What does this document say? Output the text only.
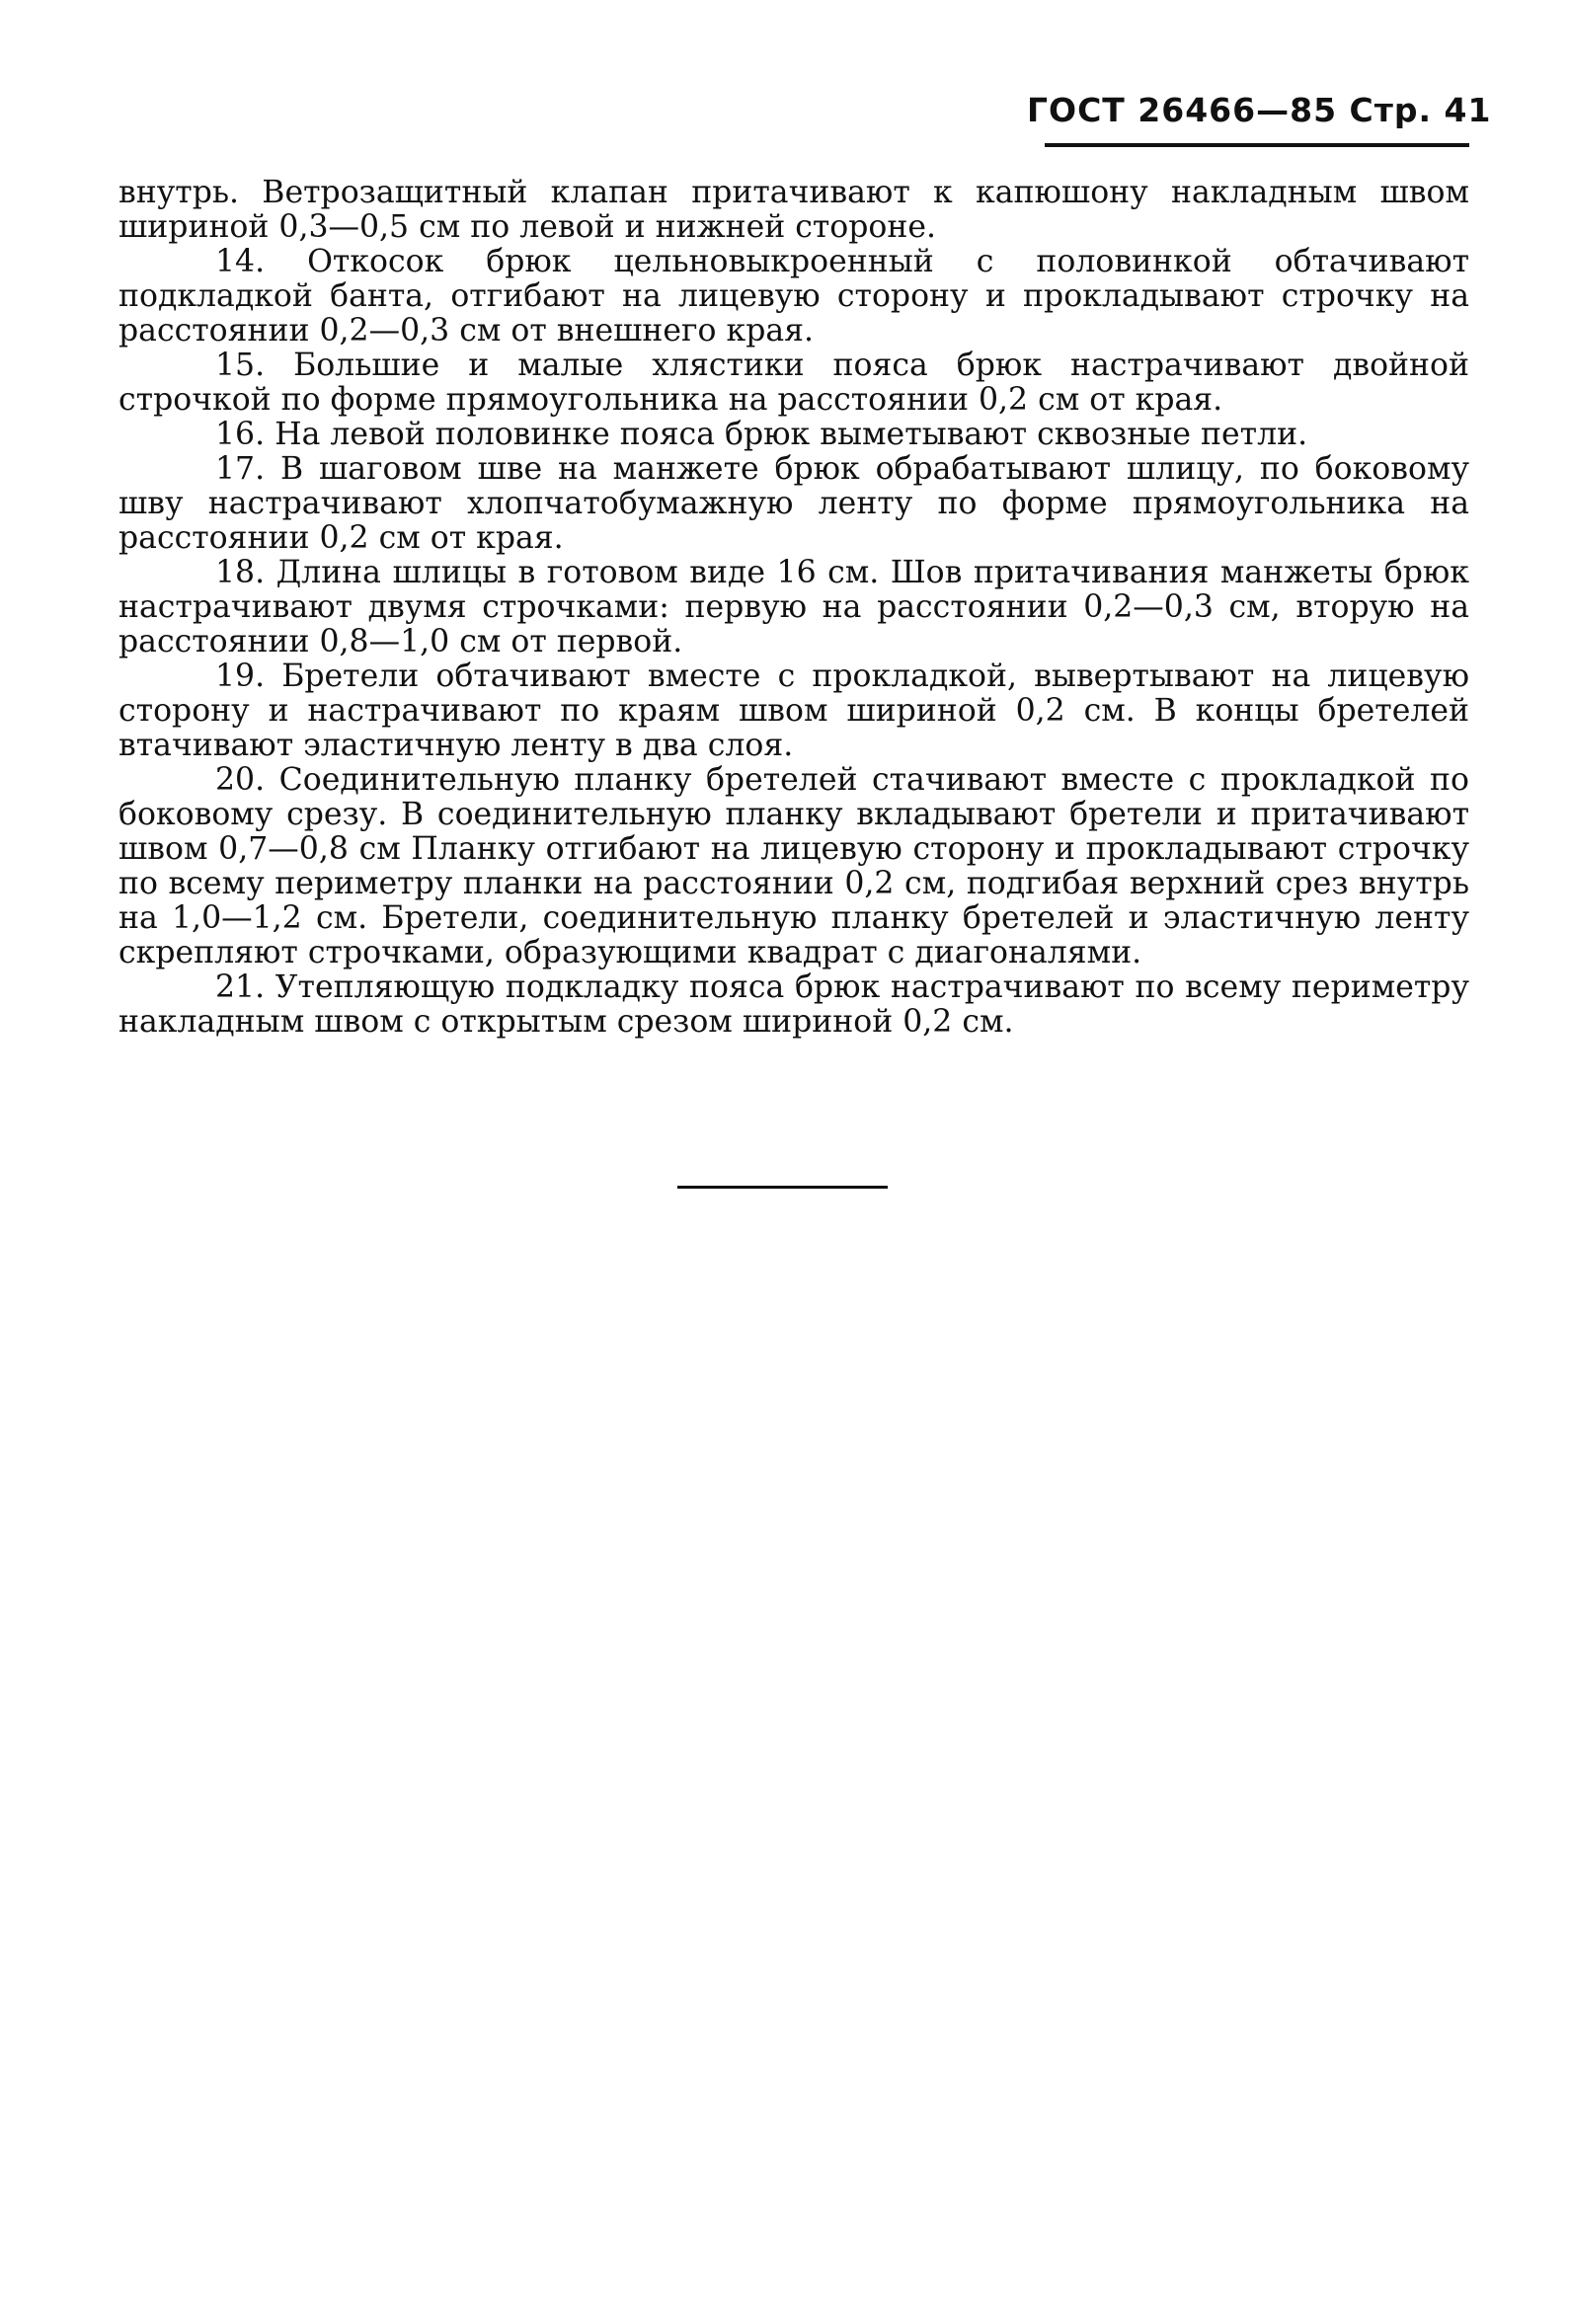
ГОСТ 26466—85 Стр. 41

внутрь. Ветрозащитный клапан притачивают к капюшону накладным швом шириной 0,3—0,5 см по левой и нижней стороне.

14. Откосок брюк цельновыкроенный с половинкой обтачивают подкладкой банта, отгибают на лицевую сторону и прокладывают строчку на расстоянии 0,2—0,3 см от внешнего края.

15. Большие и малые хлястики пояса брюк настрачивают двойной строчкой по форме прямоугольника на расстоянии 0,2 см от края.

16. На левой половинке пояса брюк выметывают сквозные петли.

17. В шаговом шве на манжете брюк обрабатывают шлицу, по боковому шву настрачивают хлопчатобумажную ленту по форме прямоугольника на расстоянии 0,2 см от края.

18. Длина шлицы в готовом виде 16 см. Шов притачивания манжеты брюк настрачивают двумя строчками: первую на расстоянии 0,2—0,3 см, вторую на расстоянии 0,8—1,0 см от первой.

19. Бретели обтачивают вместе с прокладкой, вывертывают на лицевую сторону и настрачивают по краям швом шириной 0,2 см. В концы бретелей втачивают эластичную ленту в два слоя.

20. Соединительную планку бретелей стачивают вместе с прокладкой по боковому срезу. В соединительную планку вкладывают бретели и притачивают швом 0,7—0,8 см Планку отгибают на лицевую сторону и прокладывают строчку по всему периметру планки на расстоянии 0,2 см, подгибая верхний срез внутрь на 1,0—1,2 см. Бретели, соединительную планку бретелей и эластичную ленту скрепляют строчками, образующими квадрат с диагоналями.

21. Утепляющую подкладку пояса брюк настрачивают по всему периметру накладным швом с открытым срезом шириной 0,2 см.
